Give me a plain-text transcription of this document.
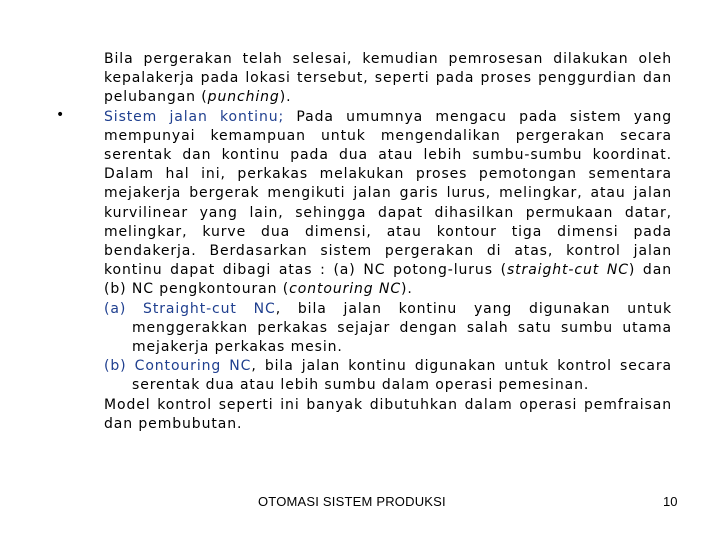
•

Bila pergerakan telah selesai, kemudian pemrosesan dilakukan oleh kepalakerja pada lokasi tersebut, seperti pada proses penggurdian dan pelubangan (punching).

Sistem jalan kontinu; Pada umumnya mengacu pada sistem yang mempunyai kemampuan untuk mengendalikan pergerakan secara serentak dan kontinu pada dua atau lebih sumbu-sumbu koordinat. Dalam hal ini, perkakas melakukan proses pemotongan sementara mejakerja bergerak mengikuti jalan garis lurus, melingkar, atau jalan kurvilinear yang lain, sehingga dapat dihasilkan permukaan datar, melingkar, kurve dua dimensi, atau kontour tiga dimensi pada bendakerja. Berdasarkan sistem pergerakan di atas, kontrol jalan kontinu dapat dibagi atas : (a) NC potong-lurus (straight-cut NC) dan (b) NC pengkontouran (contouring NC).

(a) Straight-cut NC, bila jalan kontinu yang digunakan untuk menggerakkan perkakas sejajar dengan salah satu sumbu utama mejakerja perkakas mesin.

(b) Contouring NC, bila jalan kontinu digunakan untuk kontrol secara serentak dua atau lebih sumbu dalam operasi pemesinan.

Model kontrol seperti ini banyak dibutuhkan dalam operasi pemfraisan dan pembubutan.

OTOMASI SISTEM PRODUKSI	10
